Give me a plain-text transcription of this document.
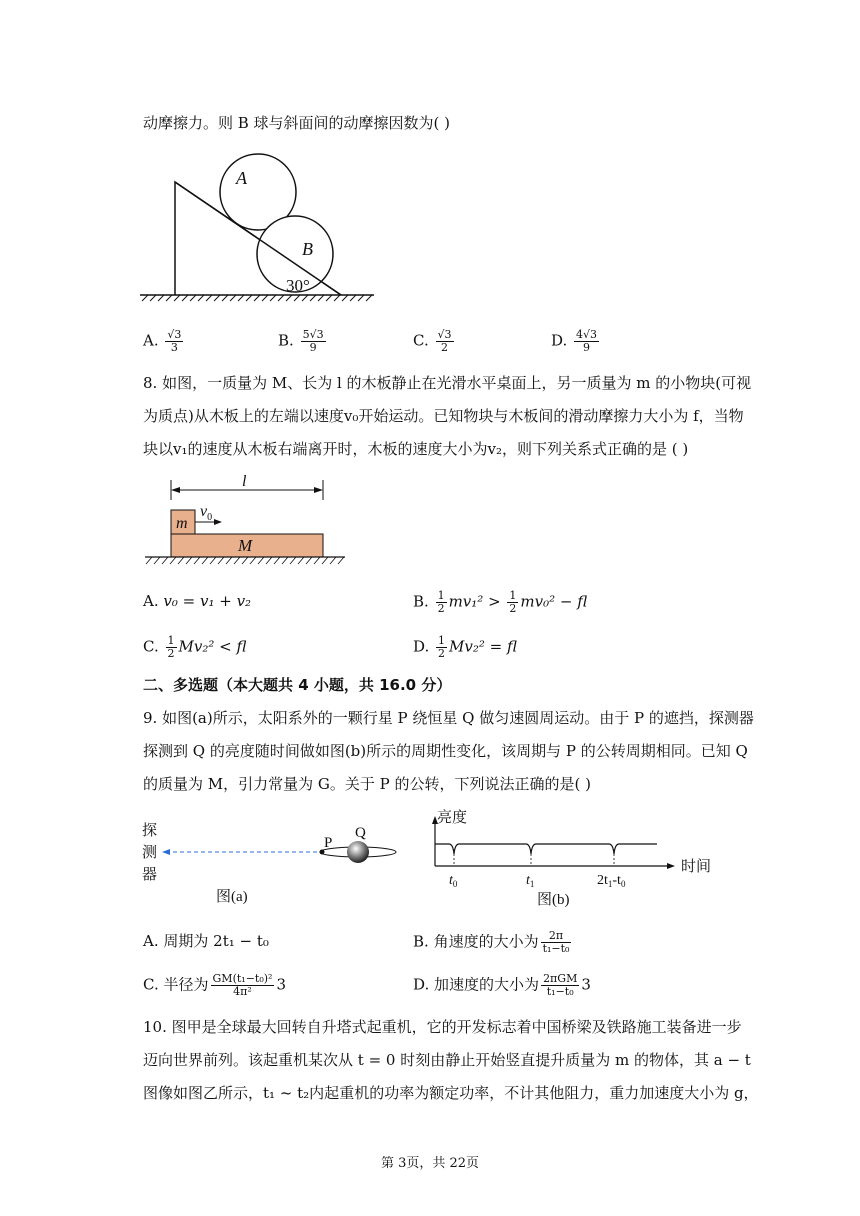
动摩擦力。则 B 球与斜面间的动摩擦因数为( )
A
B
30°
A. $\frac{√3}{3}$	B. $\frac{5√3}{9}$	C. $\frac{√3}{2}$	D. $\frac{4√3}{9}$
8. 如图，一质量为 M、长为 l 的木板静止在光滑水平桌面上，另一质量为 m 的小物块(可视
为质点)从木板上的左端以速度v₀开始运动。已知物块与木板间的滑动摩擦力大小为 f，当物
块以v₁的速度从木板右端离开时，木板的速度大小为v₂，则下列关系式正确的是 ( )
l
M
m
$v_0$
A. v₀ = v₁ + v₂	B. $\frac{1}{2} mv_1^2 > \frac{1}{2} mv_0^2$ − fl
C. $\frac{1}{2} Mv_2^2$ < fl	D. $\frac{1}{2} Mv_2^2$ = fl
二、多选题（本大题共 4 小题，共 16.0 分）
9. 如图(a)所示，太阳系外的一颗行星 P 绕恒星 Q 做匀速圆周运动。由于 P 的遮挡，探测器
探测到 Q 的亮度随时间做如图(b)所示的周期性变化，该周期与 P 的公转周期相同。已知 Q
的质量为 M，引力常量为 G。关于 P 的公转，下列说法正确的是( )
探
测
器
P
Q
图(a)
亮度
时间
$t_0$	$t_1$	$2t_1-t_0$
图(b)
A. 周期为 2t₁ − t₀	B. 角速度的大小为 $\frac{2\pi}{\text{t₁−t₀}}$
C. 半径为 $\frac{\text{GM(t₁−t₀)²}}{\text{4π²}} 3$	D. 加速度的大小为 $\frac{\text{2πGM}}{\text{t₁−t₀}} 3$
10. 图甲是全球最大回转自升塔式起重机，它的开发标志着中国桥梁及铁路施工装备进一步
迈向世界前列。该起重机某次从 t = 0 时刻由静止开始竖直提升质量为 m 的物体，其 a − t
图像如图乙所示，t₁ ~ t₂内起重机的功率为额定功率，不计其他阻力，重力加速度大小为 g，
第 3页，共 22页
